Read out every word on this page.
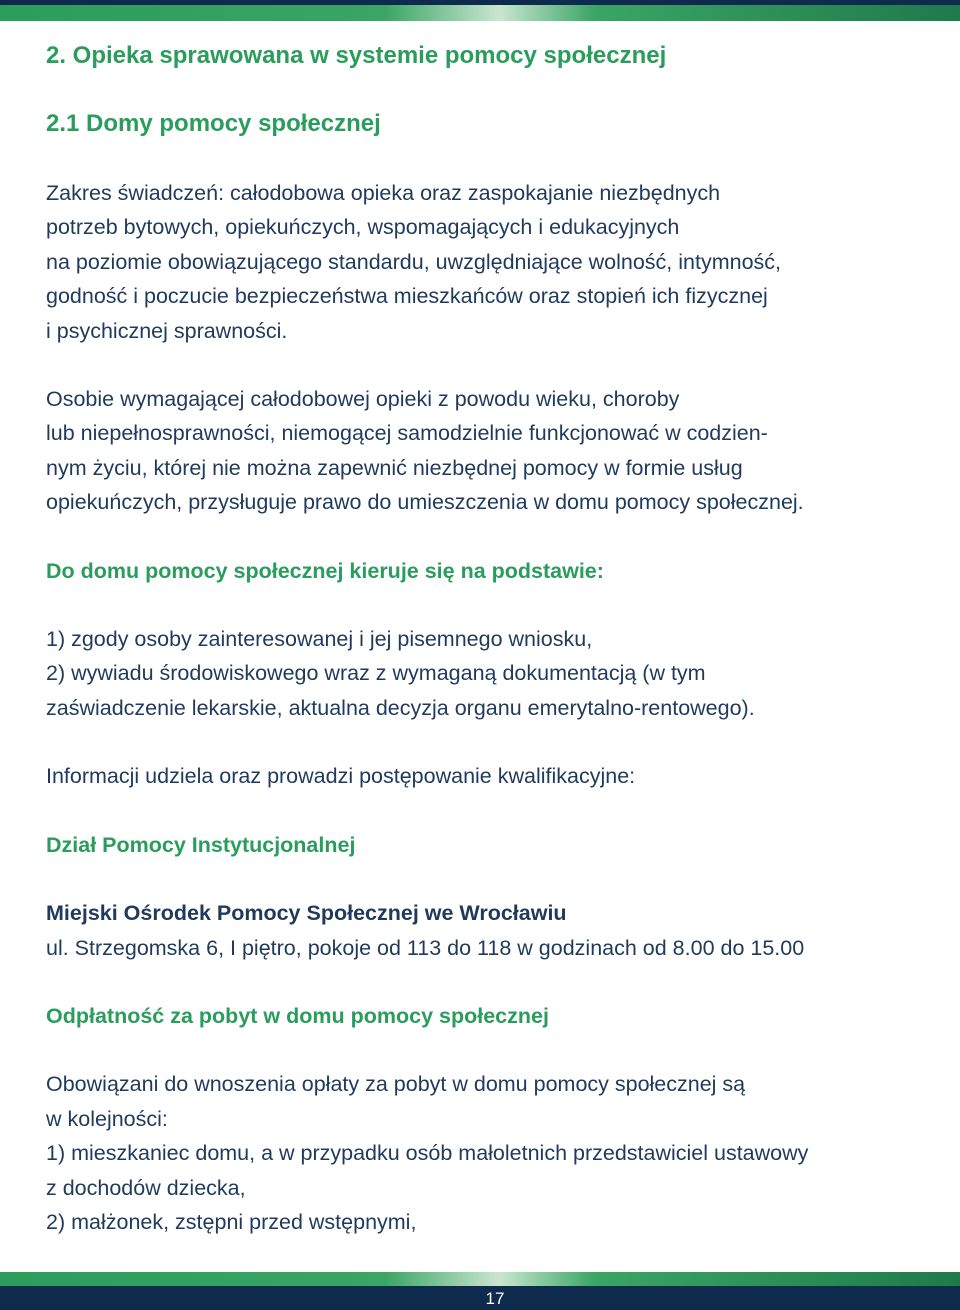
2. Opieka sprawowana w systemie pomocy społecznej
2.1 Domy pomocy społecznej

Zakres świadczeń: całodobowa opieka oraz zaspokajanie niezbędnych
potrzeb bytowych, opiekuńczych, wspomagających i edukacyjnych
na poziomie obowiązującego standardu, uwzględniające wolność, intymność,
godność i poczucie bezpieczeństwa mieszkańców oraz stopień ich fizycznej
i psychicznej sprawności.

Osobie wymagającej całodobowej opieki z powodu wieku, choroby
lub niepełnosprawności, niemogącej samodzielnie funkcjonować w codzien-
nym życiu, której nie można zapewnić niezbędnej pomocy w formie usług
opiekuńczych, przysługuje prawo do umieszczenia w domu pomocy społecznej.

Do domu pomocy społecznej kieruje się na podstawie:

1) zgody osoby zainteresowanej i jej pisemnego wniosku,
2) wywiadu środowiskowego wraz z wymaganą dokumentacją (w tym
zaświadczenie lekarskie, aktualna decyzja organu emerytalno-rentowego).

Informacji udziela oraz prowadzi postępowanie kwalifikacyjne:

Dział Pomocy Instytucjonalnej

Miejski Ośrodek Pomocy Społecznej we Wrocławiu

ul. Strzegomska 6, I piętro, pokoje od 113 do 118 w godzinach od 8.00 do 15.00

Odpłatność za pobyt w domu pomocy społecznej

Obowiązani do wnoszenia opłaty za pobyt w domu pomocy społecznej są
w kolejności:
1) mieszkaniec domu, a w przypadku osób małoletnich przedstawiciel ustawowy
z dochodów dziecka,
2) małżonek, zstępni przed wstępnymi,

17
